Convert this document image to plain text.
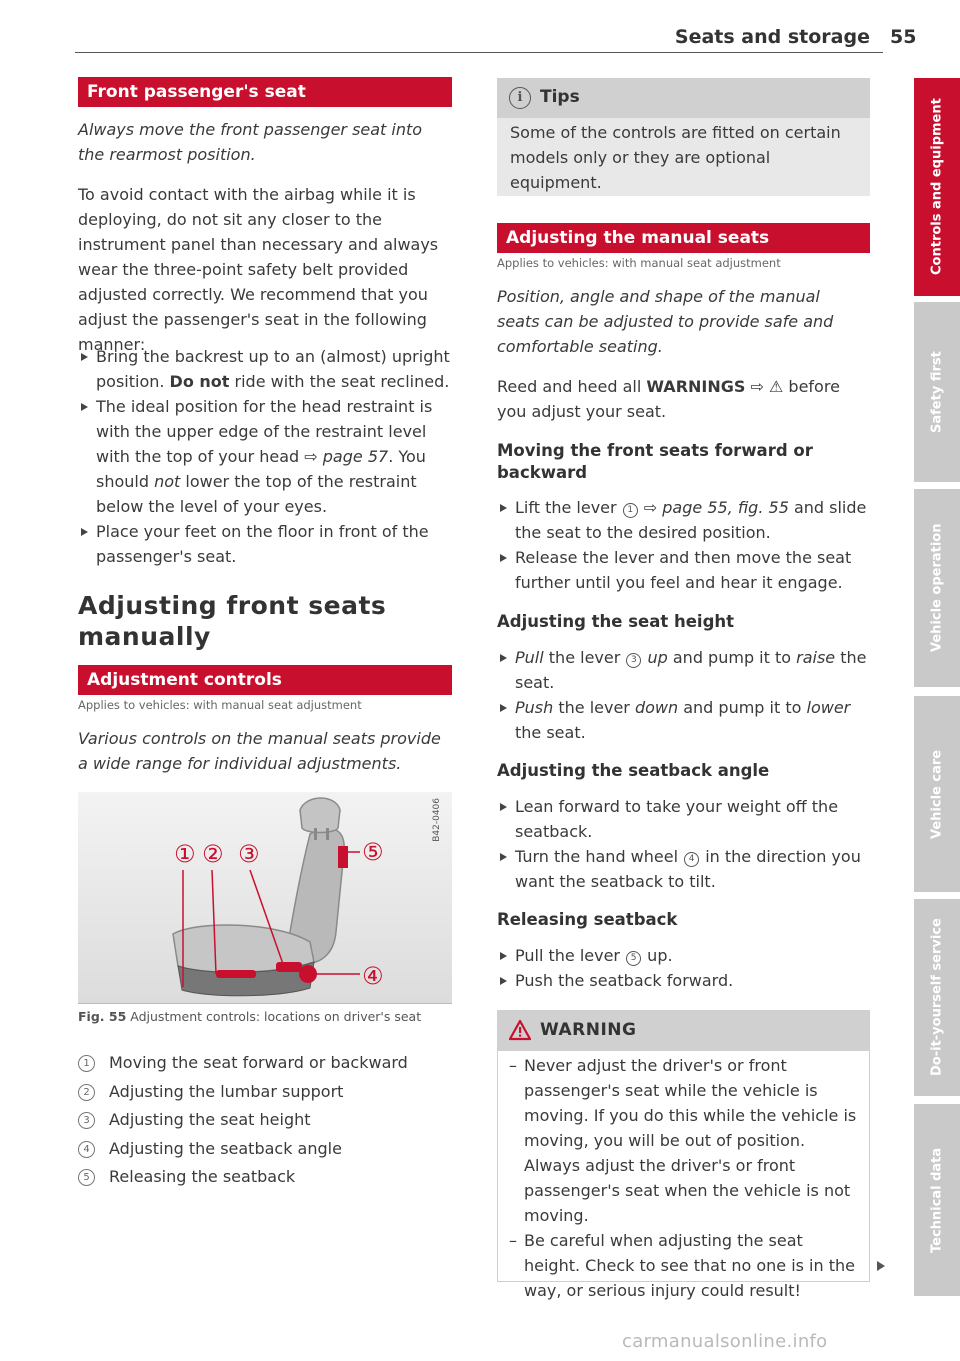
Seats and storage 55
Front passenger's seat
Always move the front passenger seat into the rearmost position.
To avoid contact with the airbag while it is deploying, do not sit any closer to the instrument panel than necessary and always wear the three-point safety belt provided adjusted correctly. We recommend that you adjust the passenger's seat in the following manner:
Bring the backrest up to an (almost) upright position. Do not ride with the seat reclined.
The ideal position for the head restraint is with the upper edge of the restraint level with the top of your head ⇨ page 57. You should not lower the top of the restraint below the level of your eyes.
Place your feet on the floor in front of the passenger's seat.
Adjusting front seats manually
Adjustment controls
Applies to vehicles: with manual seat adjustment
Various controls on the manual seats provide a wide range for individual adjustments.
① ② ③
④
⑤
B42-0406
Fig. 55 Adjustment controls: locations on driver's seat
1 Moving the seat forward or backward
2 Adjusting the lumbar support
3 Adjusting the seat height
4 Adjusting the seatback angle
5 Releasing the seatback
i	Tips
Some of the controls are fitted on certain models only or they are optional equipment.
Adjusting the manual seats
Applies to vehicles: with manual seat adjustment
Position, angle and shape of the manual seats can be adjusted to provide safe and comfortable seating.
Reed and heed all WARNINGS ⇨ ⚠ before you adjust your seat.
Moving the front seats forward or backward
Lift the lever 1 ⇨ page 55, fig. 55 and slide the seat to the desired position.
Release the lever and then move the seat further until you feel and hear it engage.
Adjusting the seat height
Pull the lever 3 up and pump it to raise the seat.
Push the lever down and pump it to lower the seat.
Adjusting the seatback angle
Lean forward to take your weight off the seatback.
Turn the hand wheel 4 in the direction you want the seatback to tilt.
Releasing seatback
Pull the lever 5 up.
Push the seatback forward.
WARNING
– Never adjust the driver's or front passenger's seat while the vehicle is moving. If you do this while the vehicle is moving, you will be out of position. Always adjust the driver's or front passenger's seat when the vehicle is not moving.
– Be careful when adjusting the seat height. Check to see that no one is in the way, or serious injury could result!
Controls and equipment
Safety first
Vehicle operation
Vehicle care
Do-it-yourself service
Technical data
carmanualsonline.info
